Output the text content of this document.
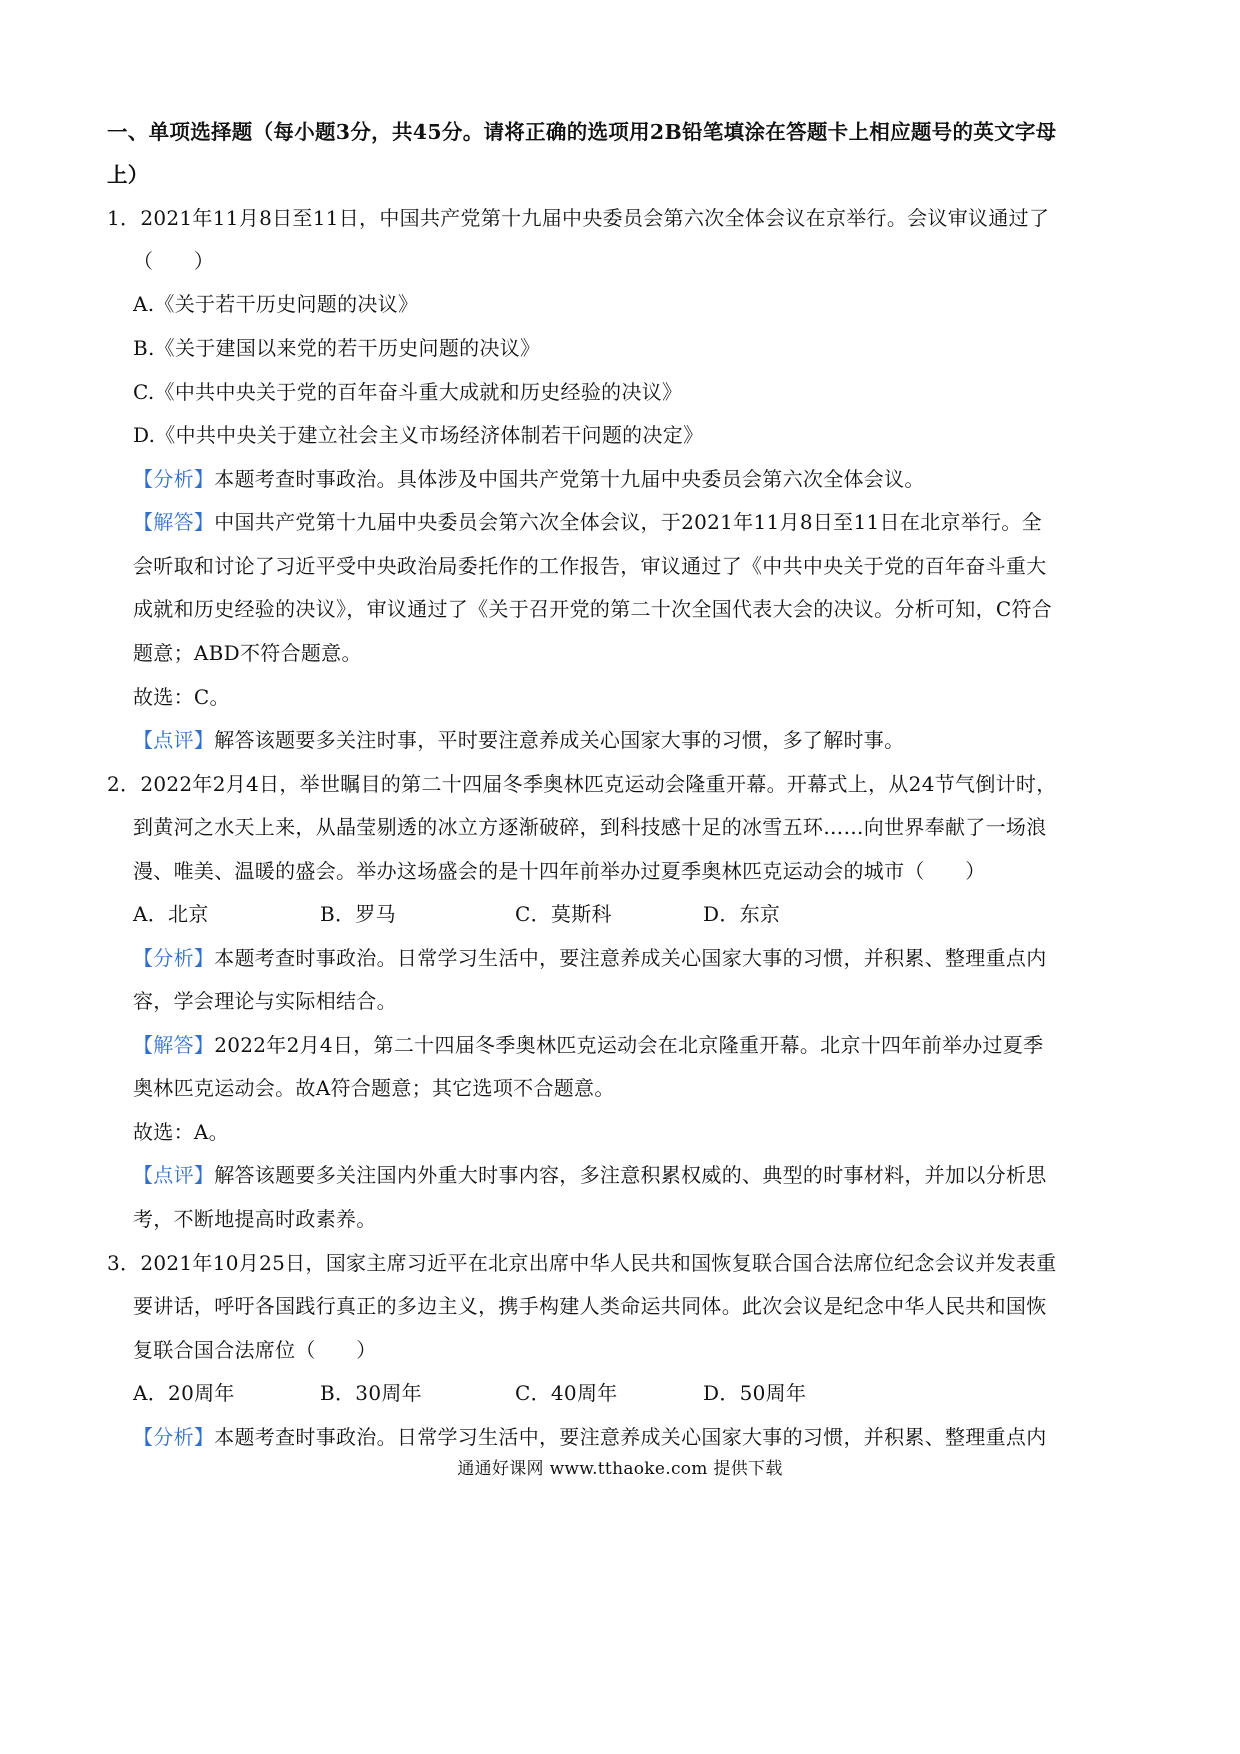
一、单项选择题（每小题3分，共45分。请将正确的选项用2B铅笔填涂在答题卡上相应题号的英文字母
上）
1．2021年11月8日至11日，中国共产党第十九届中央委员会第六次全体会议在京举行。会议审议通过了
（　　）
A.《关于若干历史问题的决议》
B.《关于建国以来党的若干历史问题的决议》
C.《中共中央关于党的百年奋斗重大成就和历史经验的决议》
D.《中共中央关于建立社会主义市场经济体制若干问题的决定》
【分析】本题考查时事政治。具体涉及中国共产党第十九届中央委员会第六次全体会议。
【解答】中国共产党第十九届中央委员会第六次全体会议，于2021年11月8日至11日在北京举行。全
会听取和讨论了习近平受中央政治局委托作的工作报告，审议通过了《中共中央关于党的百年奋斗重大
成就和历史经验的决议》，审议通过了《关于召开党的第二十次全国代表大会的决议。分析可知，C符合
题意；ABD不符合题意。
故选：C。
【点评】解答该题要多关注时事，平时要注意养成关心国家大事的习惯，多了解时事。
2．2022年2月4日，举世瞩目的第二十四届冬季奥林匹克运动会隆重开幕。开幕式上，从24节气倒计时，
到黄河之水天上来，从晶莹剔透的冰立方逐渐破碎，到科技感十足的冰雪五环……向世界奉献了一场浪
漫、唯美、温暖的盛会。举办这场盛会的是十四年前举办过夏季奥林匹克运动会的城市（　　）
A．北京	B．罗马	C．莫斯科	D．东京
【分析】本题考查时事政治。日常学习生活中，要注意养成关心国家大事的习惯，并积累、整理重点内
容，学会理论与实际相结合。
【解答】2022年2月4日，第二十四届冬季奥林匹克运动会在北京隆重开幕。北京十四年前举办过夏季
奥林匹克运动会。故A符合题意；其它选项不合题意。
故选：A。
【点评】解答该题要多关注国内外重大时事内容，多注意积累权威的、典型的时事材料，并加以分析思
考，不断地提高时政素养。
3．2021年10月25日，国家主席习近平在北京出席中华人民共和国恢复联合国合法席位纪念会议并发表重
要讲话，呼吁各国践行真正的多边主义，携手构建人类命运共同体。此次会议是纪念中华人民共和国恢
复联合国合法席位（　　）
A．20周年	B．30周年	C．40周年	D．50周年
【分析】本题考查时事政治。日常学习生活中，要注意养成关心国家大事的习惯，并积累、整理重点内
通通好课网 www.tthaoke.com 提供下载
